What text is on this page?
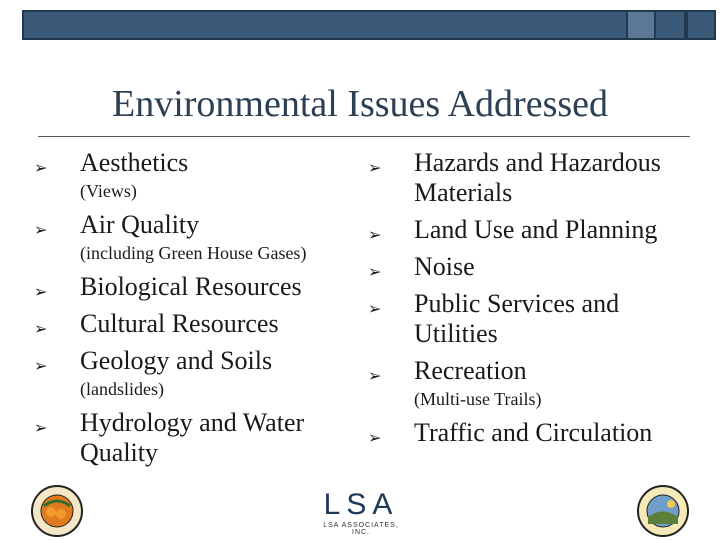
Environmental Issues Addressed
➢ Aesthetics
(Views)
➢ Air Quality
(including Green House Gases)
➢ Biological Resources
➢ Cultural Resources
➢ Geology and Soils
(landslides)
➢ Hydrology and Water Quality
➢ Hazards and Hazardous Materials
➢ Land Use and Planning
➢ Noise
➢ Public Services and Utilities
➢ Recreation
(Multi-use Trails)
➢ Traffic and Circulation
LSA
LSA ASSOCIATES, INC.
